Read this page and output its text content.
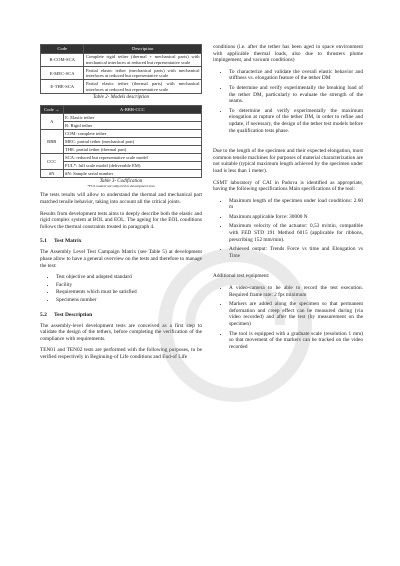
Code	Description
R-COM-SCA	Complete rigid tether (thermal + mechanical parts) with mechanical interfaces at reduced but representative scale
E-MEC-SCA	Partial elastic tether (mechanical parts) with mechanical interfaces at reduced but representative scale
E-THE-SCA	Partial elastic tether (thermal parts) with mechanical interfaces at reduced but representative scale
Table 2- Models description
Code →	A-BBB-CCC
A	E: Elastic tether
	R: Rigid tether
BBB	COM: complete tether
	MEC: partial tether (mechanical part)
	THE: partial tether (thermal part)
CCC	SCA: reduced but representative scale model
	FUL*: full scale model (deliverable EM)
#N	#N: Sample serial number
Table 3- Codification
*FUL models not subjected to development tests

The tests results will allow to understand the thermal and mechanical part matched tensile behavior, taking into account all the critical joints.

Results from development tests aims to deeply describe both the elastic and rigid complex system at BOL and EOL. The ageing for the EOL conditions follows the thermal constraints treated in paragraph 4.

5.1 Test Matrix

The Assembly Level Test Campaign Matrix (see Table 5) at development phase allow to have a general overview on the tests and therefore to manage the test:

• Test objective and adopted standard
• Facility
• Requirements which must be satisfied
• Specimens number
5.2 Test Description

The assembly-level development tests are conceived as a first step to validate the design of the tethers, before completing the verification of the compliance with requirements.

TEN01 and TEN02 tests are performed with the following purposes, to be verified respectively in Beginning-of Life conditions and End-of Life

conditions (i.e. after the tether has been aged in space environment with applicable thermal loads, also due to thrusters plume impingement, and vacuum conditions)

• To characterize and validate the overall elastic behavior and stiffness vs. elongation feature of the tether DM
• To determine and verify experimentally the breaking load of the tether DM, particularly to evaluate the strength of the seams.
• To determine and verify experimentally the maximum elongation at rupture of the tether DM, in order to refine and update, if necessary, the design of the tether test models before the qualification tests phase.

Due to the length of the specimen and their expected elongation, most common tensile machines for purposes of material characterization are not suitable (typical maximum length achieved by the specimen under load is less than 1 meter).

CSMT laboratory of CAI in Padova is identified as appropriate, having the following specifications Main specifications of the tool:

• Maximum length of the specimen under load conditions: 2.60 m
• Maximum applicable force: 30000 N
• Maximum velocity of the actuator: 0,53 m/min, compatible with FED STD 191 Method 6015 (applicable for ribbons, prescribing 152 mm/min).
• Achieved output: Trends Force vs time and Elongation vs Time

Additional test equipment:

• A video-camera to be able to record the test execution. Required frame rate: 2 fps minimum
• Markers are added along the specimen so that permanent deformation and creep effect can be measured during (via video recorded) and after the test (by measurement on the specimen)
• The tool is equipped with a graduate scale (resolution 1 mm) so that movement of the markers can be tracked on the video recorded
